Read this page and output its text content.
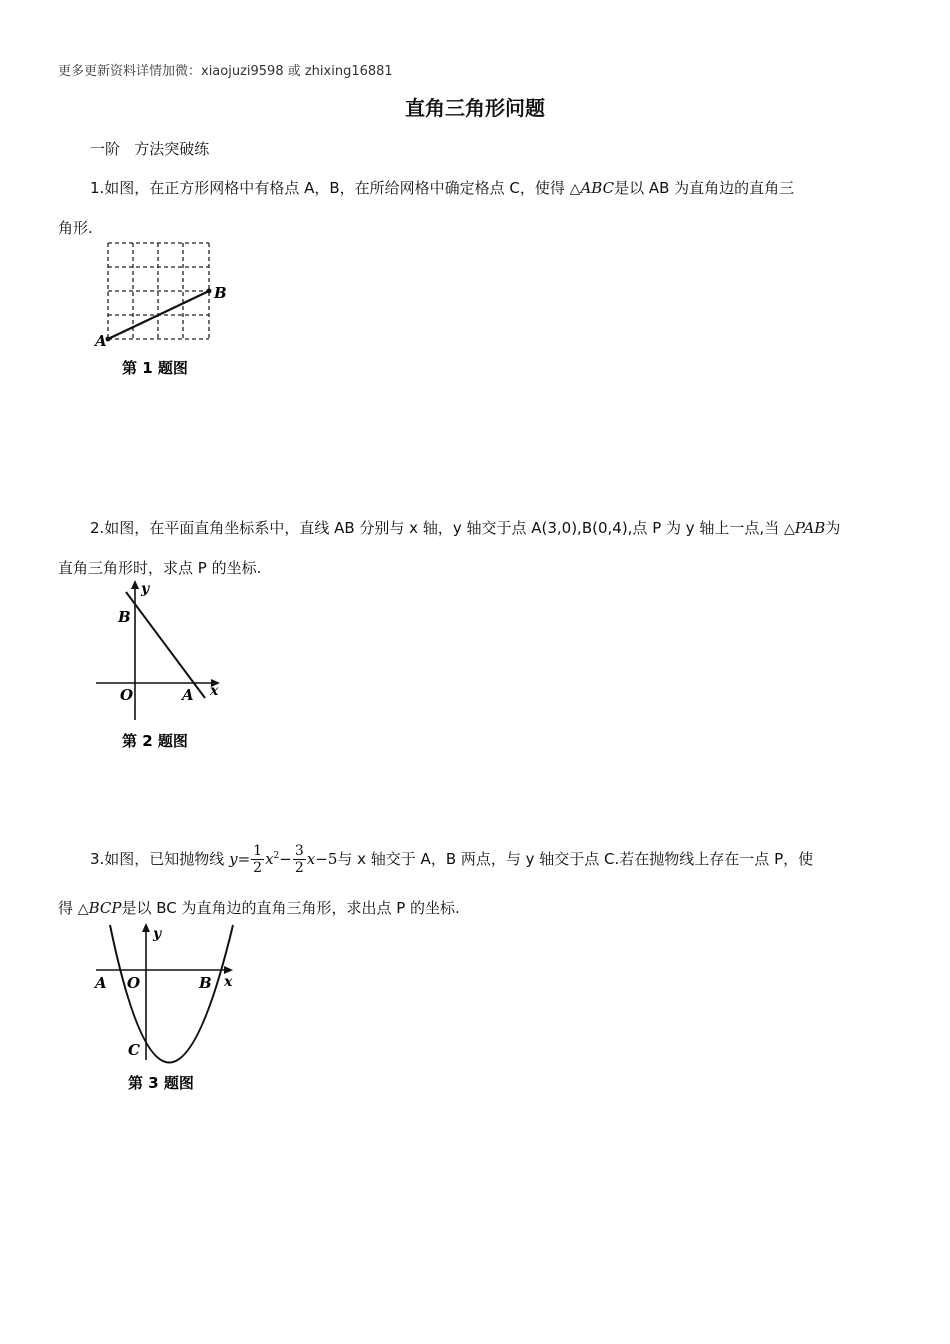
更多更新资料详情加微：xiaojuzi9598 或 zhixing16881
直角三角形问题
一阶   方法突破练
1.如图，在正方形网格中有格点 A，B，在所给网格中确定格点 C，使得 △ABC是以 AB 为直角边的直角三
角形.
A
B
第 1 题图
2.如图，在平面直角坐标系中，直线 AB 分别与 x 轴，y 轴交于点 A(3,0),B(0,4),点 P 为 y 轴上一点,当 △PAB为
直角三角形时，求点 P 的坐标.
y
x
B
O	A
第 2 题图
3.如图，已知抛物线 $y= \frac{1}{2} x^2- \frac{3}{2} x-5$与 x 轴交于 A，B 两点，与 y 轴交于点 C.若在抛物线上存在一点 P，使
得 △BCP是以 BC 为直角边的直角三角形，求出点 P 的坐标.
y
x
A O	B
C
第 3 题图
